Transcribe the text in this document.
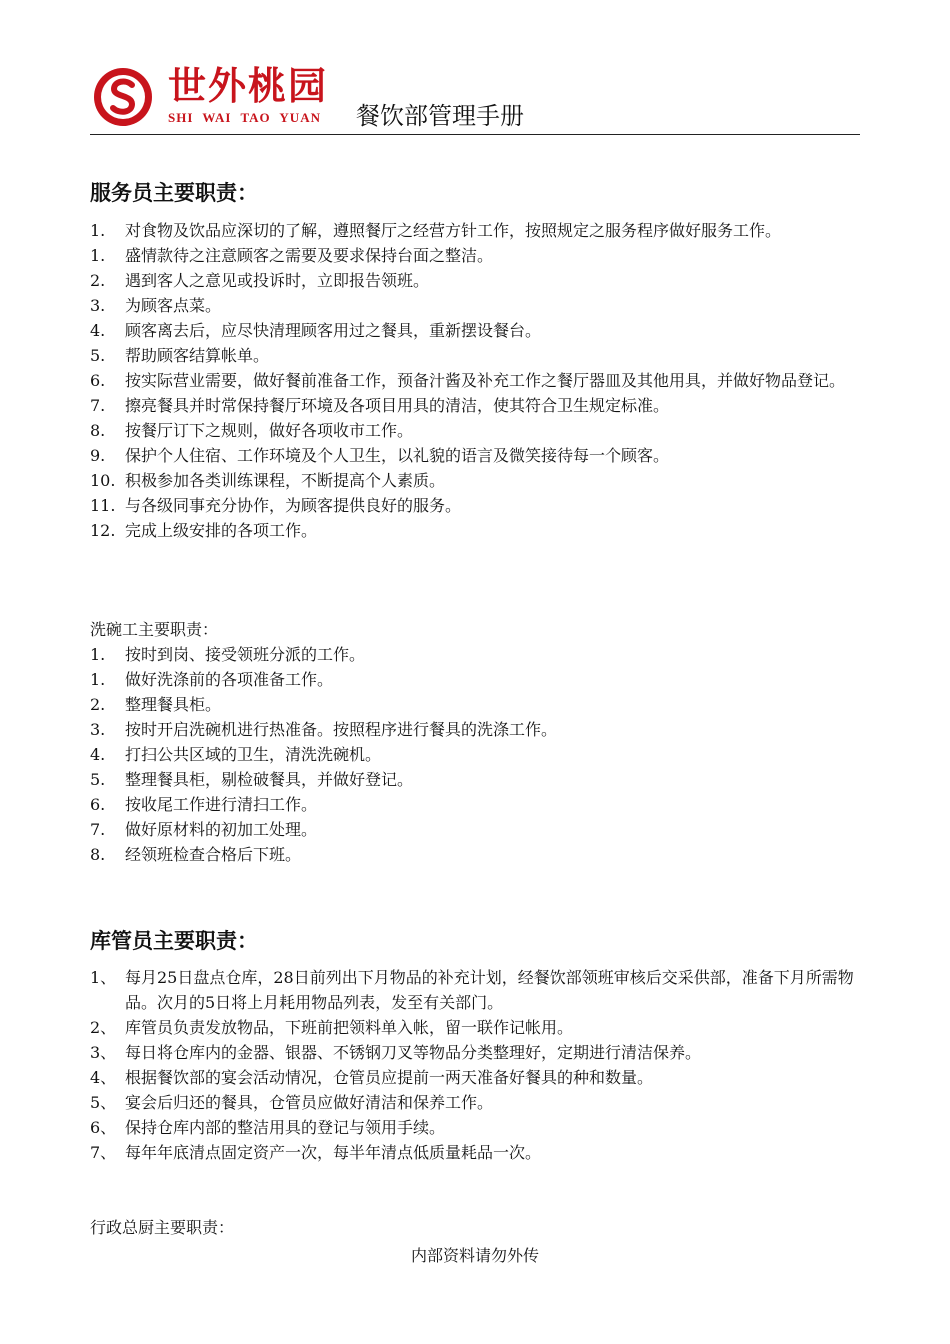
世外桃园
SHI WAI TAO YUAN 餐饮部管理手册
服务员主要职责：
1. 对食物及饮品应深切的了解，遵照餐厅之经营方针工作，按照规定之服务程序做好服务工作。
1. 盛情款待之注意顾客之需要及要求保持台面之整洁。
2. 遇到客人之意见或投诉时，立即报告领班。
3. 为顾客点菜。
4. 顾客离去后，应尽快清理顾客用过之餐具，重新摆设餐台。
5. 帮助顾客结算帐单。
6. 按实际营业需要，做好餐前准备工作，预备汁酱及补充工作之餐厅器皿及其他用具，并做好物品登记。
7. 擦亮餐具并时常保持餐厅环境及各项目用具的清洁，使其符合卫生规定标准。
8. 按餐厅订下之规则，做好各项收市工作。
9. 保护个人住宿、工作环境及个人卫生，以礼貌的语言及微笑接待每一个顾客。
10. 积极参加各类训练课程，不断提高个人素质。
11. 与各级同事充分协作，为顾客提供良好的服务。
12. 完成上级安排的各项工作。
洗碗工主要职责：
1. 按时到岗、接受领班分派的工作。
1. 做好洗涤前的各项准备工作。
2. 整理餐具柜。
3. 按时开启洗碗机进行热准备。按照程序进行餐具的洗涤工作。
4. 打扫公共区域的卫生，清洗洗碗机。
5. 整理餐具柜，剔检破餐具，并做好登记。
6. 按收尾工作进行清扫工作。
7. 做好原材料的初加工处理。
8. 经领班检查合格后下班。
库管员主要职责：
1、 每月25日盘点仓库，28日前列出下月物品的补充计划，经餐饮部领班审核后交采供部，准备下月所需物品。次月的5日将上月耗用物品列表，发至有关部门。
2、 库管员负责发放物品，下班前把领料单入帐，留一联作记帐用。
3、 每日将仓库内的金器、银器、不锈钢刀叉等物品分类整理好，定期进行清洁保养。
4、 根据餐饮部的宴会活动情况，仓管员应提前一两天准备好餐具的种和数量。
5、 宴会后归还的餐具，仓管员应做好清洁和保养工作。
6、 保持仓库内部的整洁用具的登记与领用手续。
7、 每年年底清点固定资产一次，每半年清点低质量耗品一次。
行政总厨主要职责：
内部资料请勿外传
